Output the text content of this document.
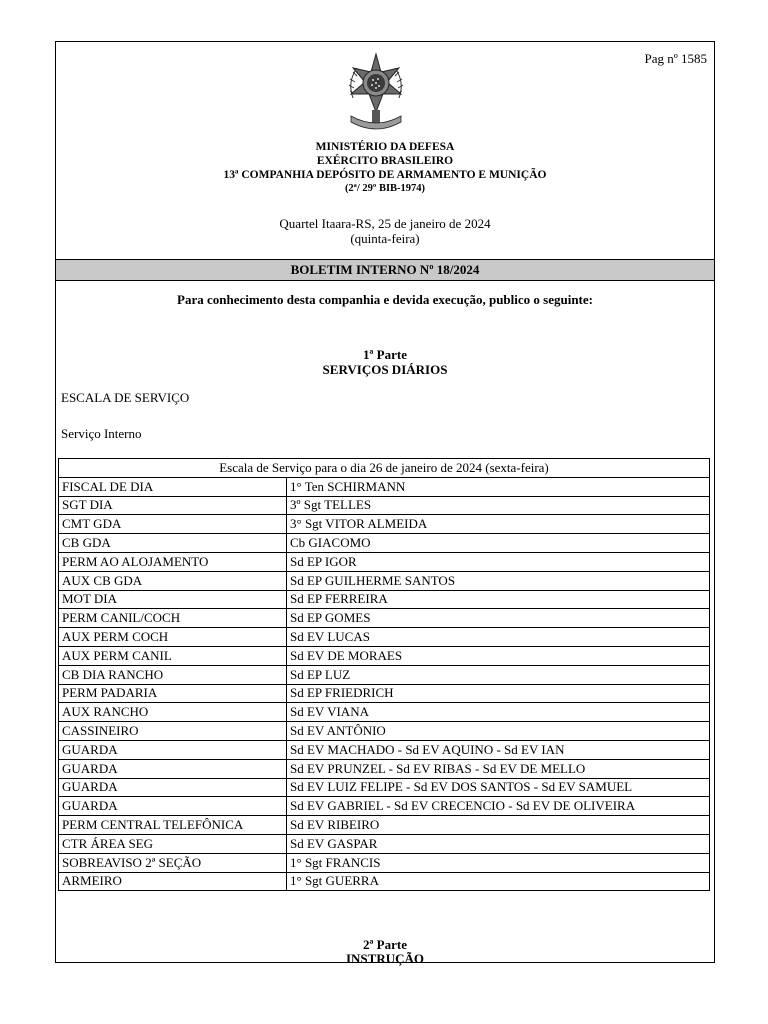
Pag nº 1585
MINISTÉRIO DA DEFESA
EXÉRCITO BRASILEIRO
13ª COMPANHIA DEPÓSITO DE ARMAMENTO E MUNIÇÃO
(2ª/ 29º BIB-1974)
Quartel Itaara-RS, 25 de janeiro de 2024
(quinta-feira)
BOLETIM INTERNO Nº 18/2024
Para conhecimento desta companhia e devida execução, publico o seguinte:
1ª Parte
SERVIÇOS DIÁRIOS
ESCALA DE SERVIÇO
Serviço Interno
Escala de Serviço para o dia 26 de janeiro de 2024 (sexta-feira)	
FISCAL DE DIA	1° Ten SCHIRMANN
SGT DIA	3º Sgt TELLES
CMT GDA	3° Sgt VITOR ALMEIDA
CB GDA	Cb GIACOMO
PERM AO ALOJAMENTO	Sd EP IGOR
AUX CB GDA	Sd EP GUILHERME SANTOS
MOT DIA	Sd EP FERREIRA
PERM CANIL/COCH	Sd EP GOMES
AUX PERM COCH	Sd EV LUCAS
AUX PERM CANIL	Sd EV DE MORAES
CB DIA RANCHO	Sd EP LUZ
PERM PADARIA	Sd EP FRIEDRICH
AUX RANCHO	Sd EV VIANA
CASSINEIRO	Sd EV ANTÔNIO
GUARDA	Sd EV MACHADO - Sd EV AQUINO - Sd EV IAN
GUARDA	Sd EV PRUNZEL - Sd EV RIBAS - Sd EV DE MELLO
GUARDA	Sd EV LUIZ FELIPE - Sd EV DOS SANTOS - Sd EV SAMUEL
GUARDA	Sd EV GABRIEL - Sd EV CRECENCIO - Sd EV DE OLIVEIRA
PERM CENTRAL TELEFÔNICA	Sd EV RIBEIRO
CTR ÁREA SEG	Sd EV GASPAR
SOBREAVISO 2ª SEÇÃO	1° Sgt FRANCIS
ARMEIRO	1° Sgt GUERRA
2ª Parte
INSTRUÇÃO
